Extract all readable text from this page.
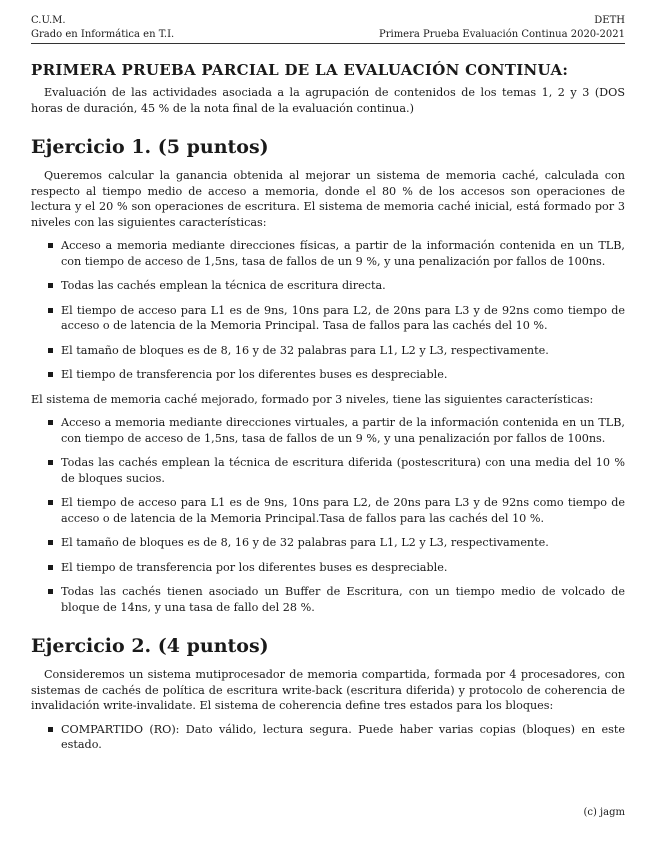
C.U.M.
Grado en Informática en T.I.
DETH
Primera Prueba Evaluación Continua 2020-2021
PRIMERA PRUEBA PARCIAL DE LA EVALUACIÓN CONTINUA:

Evaluación de las actividades asociada a la agrupación de contenidos de los temas 1, 2 y 3 (DOS horas de duración, 45 % de la nota final de la evaluación continua.)

Ejercicio 1. (5 puntos)

Queremos calcular la ganancia obtenida al mejorar un sistema de memoria caché, calculada con respecto al tiempo medio de acceso a memoria, donde el 80 % de los accesos son operaciones de lectura y el 20 % son operaciones de escritura. El sistema de memoria caché inicial, está formado por 3 niveles con las siguientes características:

Acceso a memoria mediante direcciones físicas, a partir de la información contenida en un TLB, con tiempo de acceso de 1,5ns, tasa de fallos de un 9 %, y una penalización por fallos de 100ns.
Todas las cachés emplean la técnica de escritura directa.
El tiempo de acceso para L1 es de 9ns, 10ns para L2, de 20ns para L3 y de 92ns como tiempo de acceso o de latencia de la Memoria Principal. Tasa de fallos para las cachés del 10 %.
El tamaño de bloques es de 8, 16 y de 32 palabras para L1, L2 y L3, respectivamente.
El tiempo de transferencia por los diferentes buses es despreciable.

El sistema de memoria caché mejorado, formado por 3 niveles, tiene las siguientes características:

Acceso a memoria mediante direcciones virtuales, a partir de la información contenida en un TLB, con tiempo de acceso de 1,5ns, tasa de fallos de un 9 %, y una penalización por fallos de 100ns.
Todas las cachés emplean la técnica de escritura diferida (postescritura) con una media del 10 % de bloques sucios.
El tiempo de acceso para L1 es de 9ns, 10ns para L2, de 20ns para L3 y de 92ns como tiempo de acceso o de latencia de la Memoria Principal.Tasa de fallos para las cachés del 10 %.
El tamaño de bloques es de 8, 16 y de 32 palabras para L1, L2 y L3, respectivamente.
El tiempo de transferencia por los diferentes buses es despreciable.
Todas las cachés tienen asociado un Buffer de Escritura, con un tiempo medio de volcado de bloque de 14ns, y una tasa de fallo del 28 %.
Ejercicio 2. (4 puntos)

Consideremos un sistema mutiprocesador de memoria compartida, formada por 4 procesadores, con sistemas de cachés de política de escritura write-back (escritura diferida) y protocolo de coherencia de invalidación write-invalidate. El sistema de coherencia define tres estados para los bloques:

COMPARTIDO (RO): Dato válido, lectura segura. Puede haber varias copias (bloques) en este estado.
(c) jagm
